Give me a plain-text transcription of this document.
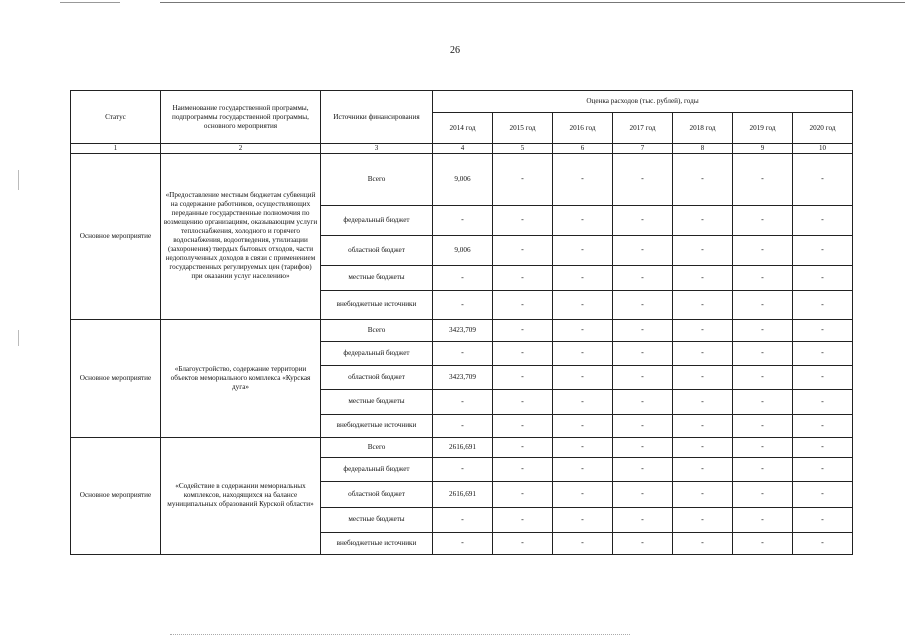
26
Статус	Наименование государственной программы, подпрограммы государственной программы, основного мероприятия	Источники финансирования	Оценка расходов (тыс. рублей), годы						
			2014 год	2015 год	2016 год	2017 год	2018 год	2019 год	2020 год
1	2	3	4	5	6	7	8	9	10
Основное мероприятие	«Предоставление местным бюджетам субвенций на содержание работников, осуществляющих переданные государственные полномочия по возмещению организациям, оказывающим услуги теплоснабжения, холодного и горячего водоснабжения, водоотведения, утилизации (захоронения) твердых бытовых отходов, части недополученных доходов в связи с применением государственных регулируемых цен (тарифов) при оказании услуг населению»	Всего	9,006	-	-	-	-	-	-
		федеральный бюджет	-	-	-	-	-	-	-
		областной бюджет	9,006	-	-	-	-	-	-
		местные бюджеты	-	-	-	-	-	-	-
		внебюджетные источники	-	-	-	-	-	-	-
Основное мероприятие	«Благоустройство, содержание территории объектов мемориального комплекса «Курская дуга»	Всего	3423,709	-	-	-	-	-	-
		федеральный бюджет	-	-	-	-	-	-	-
		областной бюджет	3423,709	-	-	-	-	-	-
		местные бюджеты	-	-	-	-	-	-	-
		внебюджетные источники	-	-	-	-	-	-	-
Основное мероприятие	«Содействие в содержании мемориальных комплексов, находящихся на балансе муниципальных образований Курской области»	Всего	2616,691	-	-	-	-	-	-
		федеральный бюджет	-	-	-	-	-	-	-
		областной бюджет	2616,691	-	-	-	-	-	-
		местные бюджеты	-	-	-	-	-	-	-
		внебюджетные источники	-	-	-	-	-	-	-
